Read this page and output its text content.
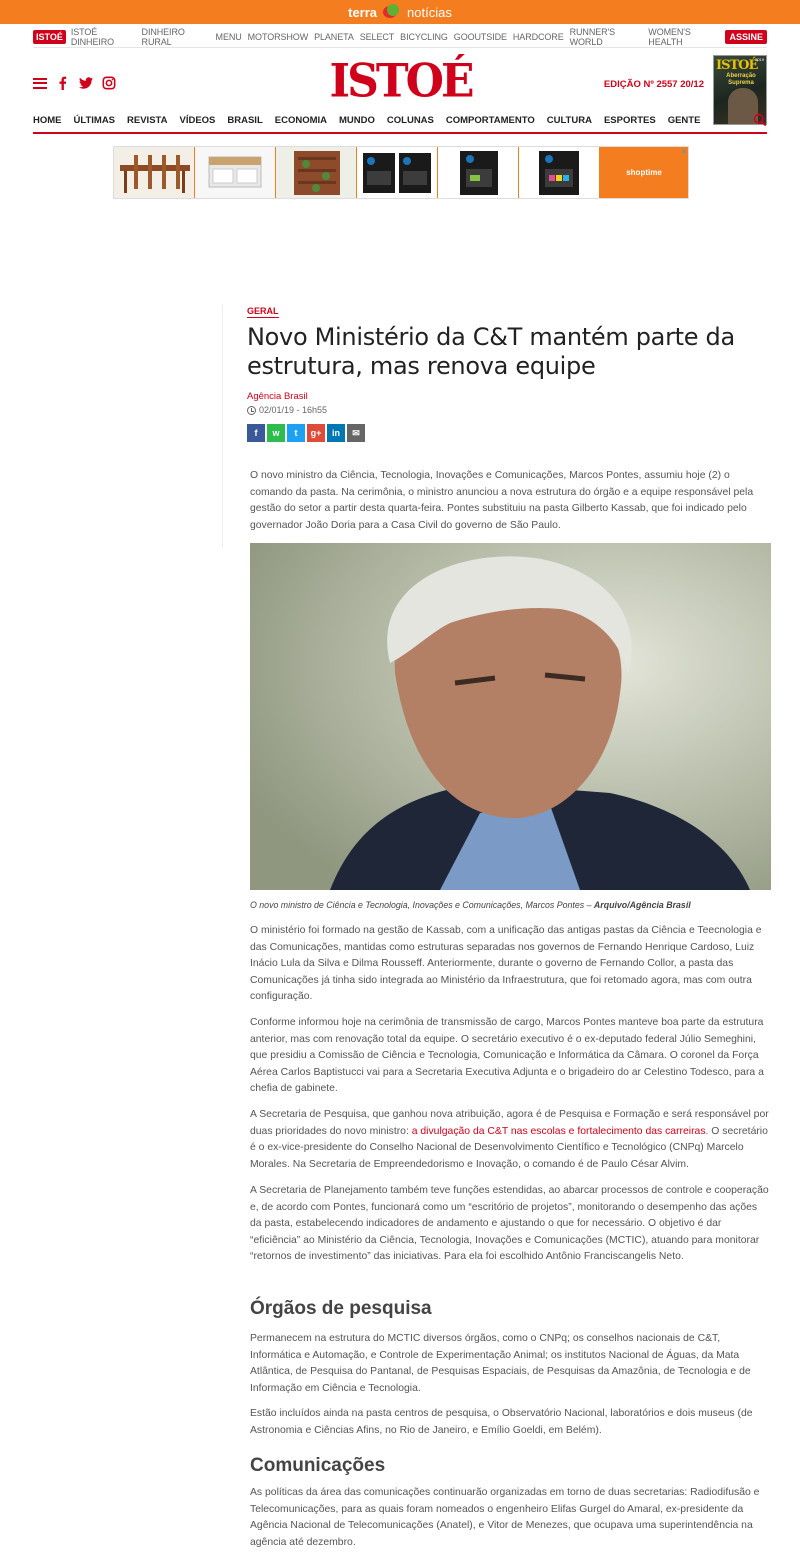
terra notícias
ISTOÉ ISTOÉ DINHEIRO
DINHEIRO RURAL	MENU MOTORSHOW PLANETA SELECT BICYCLING GOOUTSIDE HARDCORE RUNNER'S WORLD
WOMEN'S HEALTH	ASSINE
ISTOÉ	EDIÇÃO Nº 2557 20/12
ISTOÉ
2019
Aberração Suprema
HOME ÚLTIMAS REVISTA VÍDEOS BRASIL ECONOMIA MUNDO COLUNAS COMPORTAMENTO CULTURA ESPORTES GENTE
shoptime
✕
GERAL
Novo Ministério da C&T mantém parte da estrutura, mas renova equipe
Agência Brasil
02/01/19 - 16h55
f	w	t	g+	in	✉

O novo ministro da Ciência, Tecnologia, Inovações e Comunicações, Marcos Pontes, assumiu hoje (2) o comando da pasta. Na cerimônia, o ministro anunciou a nova estrutura do órgão e a equipe responsável pela gestão do setor a partir desta quarta-feira. Pontes substituiu na pasta Gilberto Kassab, que foi indicado pelo governador João Doria para a Casa Civil do governo de São Paulo.

O novo ministro de Ciência e Tecnologia, Inovações e Comunicações, Marcos Pontes – Arquivo/Agência Brasil

O ministério foi formado na gestão de Kassab, com a unificação das antigas pastas da Ciência e Teecnologia e das Comunicações, mantidas como estruturas separadas nos governos de Fernando Henrique Cardoso, Luiz Inácio Lula da Silva e Dilma Rousseff. Anteriormente, durante o governo de Fernando Collor, a pasta das Comunicações já tinha sido integrada ao Ministério da Infraestrutura, que foi retomado agora, mas com outra configuração.

Conforme informou hoje na cerimônia de transmissão de cargo, Marcos Pontes manteve boa parte da estrutura anterior, mas com renovação total da equipe. O secretário executivo é o ex-deputado federal Júlio Semeghini, que presidiu a Comissão de Ciência e Tecnologia, Comunicação e Informática da Câmara. O coronel da Força Aérea Carlos Baptistucci vai para a Secretaria Executiva Adjunta e o brigadeiro do ar Celestino Todesco, para a chefia de gabinete.

A Secretaria de Pesquisa, que ganhou nova atribuição, agora é de Pesquisa e Formação e será responsável por duas prioridades do novo ministro: a divulgação da C&T nas escolas e fortalecimento das carreiras. O secretário é o ex-vice-presidente do Conselho Nacional de Desenvolvimento Científico e Tecnológico (CNPq) Marcelo Morales. Na Secretaria de Empreendedorismo e Inovação, o comando é de Paulo César Alvim.

A Secretaria de Planejamento também teve funções estendidas, ao abarcar processos de controle e cooperação e, de acordo com Pontes, funcionará como um “escritório de projetos”, monitorando o desempenho das ações da pasta, estabelecendo indicadores de andamento e ajustando o que for necessário. O objetivo é dar “eficiência” ao Ministério da Ciência, Tecnologia, Inovações e Comunicações (MCTIC), atuando para monitorar “retornos de investimento” das iniciativas. Para ela foi escolhido Antônio Franciscangelis Neto.

Órgãos de pesquisa

Permanecem na estrutura do MCTIC diversos órgãos, como o CNPq; os conselhos nacionais de C&T, Informática e Automação, e Controle de Experimentação Animal; os institutos Nacional de Águas, da Mata Atlântica, de Pesquisa do Pantanal, de Pesquisas Espaciais, de Pesquisas da Amazônia, de Tecnologia e de Informação em Ciência e Tecnologia.

Estão incluídos ainda na pasta centros de pesquisa, o Observatório Nacional, laboratórios e dois museus (de Astronomia e Ciências Afins, no Rio de Janeiro, e Emílio Goeldi, em Belém).

Comunicações

As políticas da área das comunicações continuarão organizadas em torno de duas secretarias: Radiodifusão e Telecomunicações, para as quais foram nomeados o engenheiro Elifas Gurgel do Amaral, ex-presidente da Agência Nacional de Telecomunicações (Anatel), e Vitor de Menezes, que ocupava uma superintendência na agência até dezembro.
